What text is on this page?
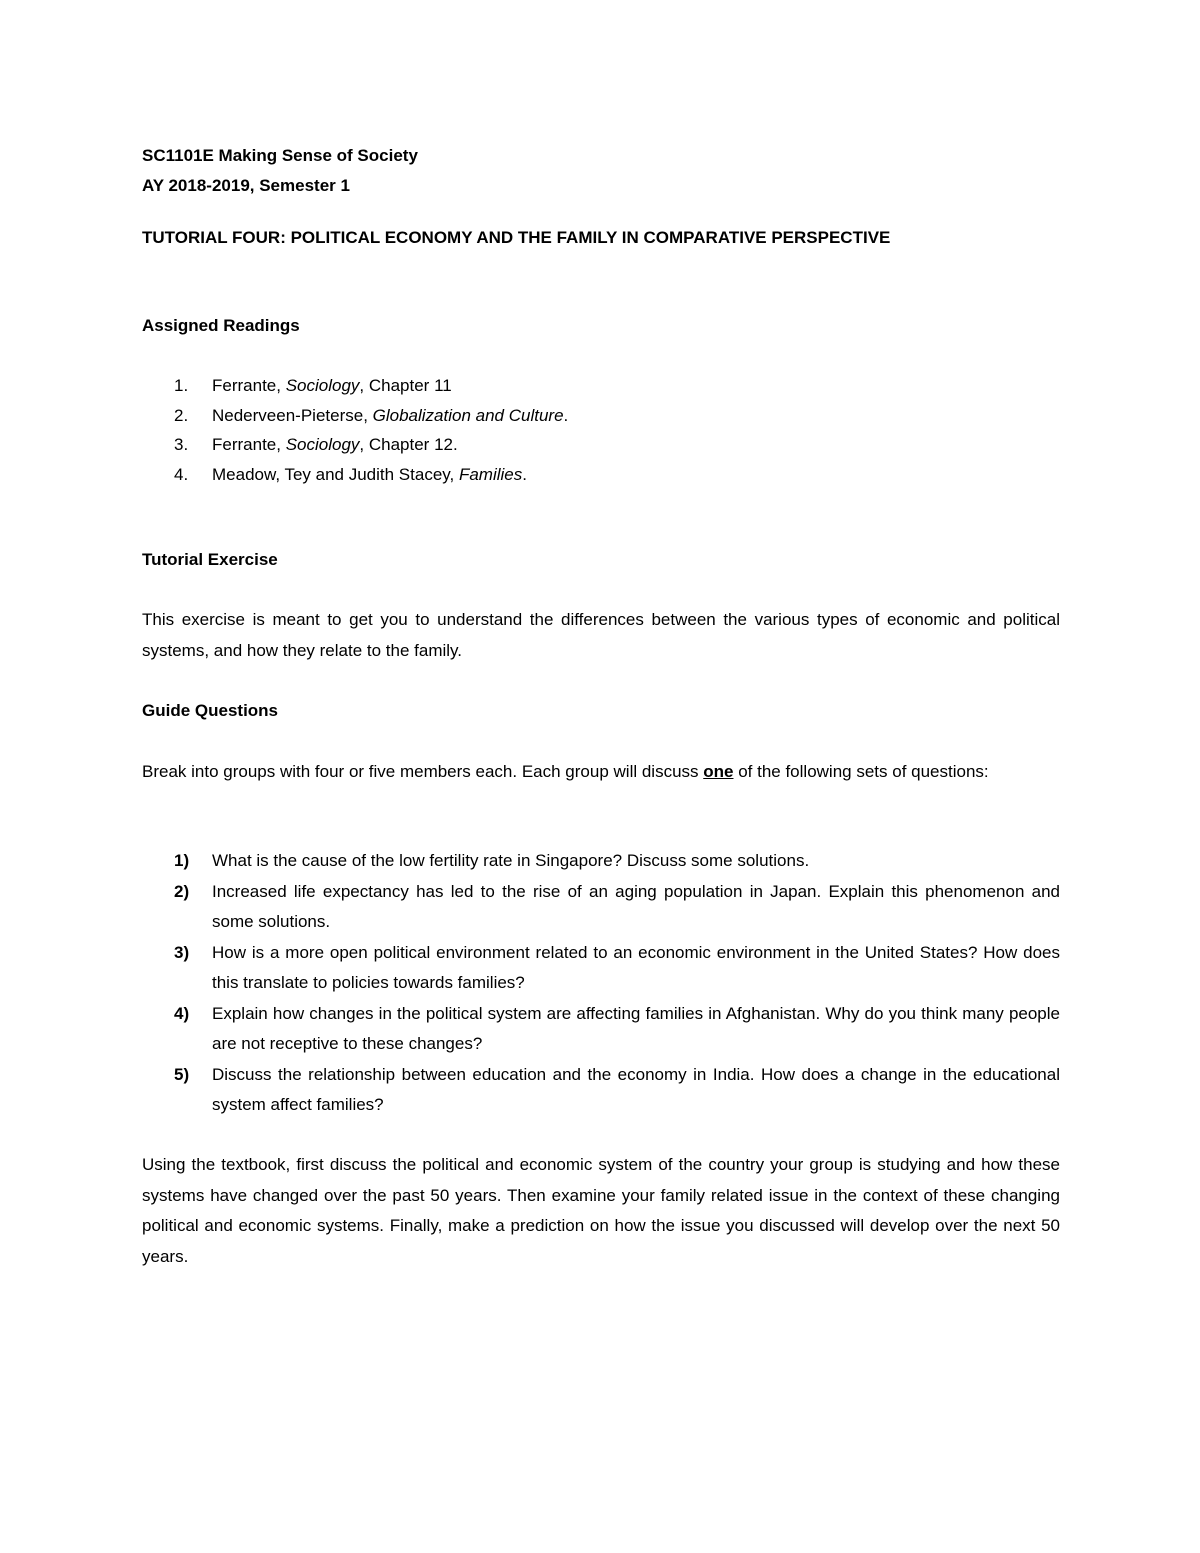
SC1101E Making Sense of Society
AY 2018-2019, Semester 1
TUTORIAL FOUR: POLITICAL ECONOMY AND THE FAMILY IN COMPARATIVE PERSPECTIVE
Assigned Readings
1. Ferrante, Sociology, Chapter 11
2. Nederveen-Pieterse, Globalization and Culture.
3. Ferrante, Sociology, Chapter 12.
4. Meadow, Tey and Judith Stacey, Families.
Tutorial Exercise
This exercise is meant to get you to understand the differences between the various types of economic and political systems, and how they relate to the family.
Guide Questions
Break into groups with four or five members each. Each group will discuss one of the following sets of questions:
1) What is the cause of the low fertility rate in Singapore? Discuss some solutions.
2) Increased life expectancy has led to the rise of an aging population in Japan. Explain this phenomenon and some solutions.
3) How is a more open political environment related to an economic environment in the United States? How does this translate to policies towards families?
4) Explain how changes in the political system are affecting families in Afghanistan. Why do you think many people are not receptive to these changes?
5) Discuss the relationship between education and the economy in India. How does a change in the educational system affect families?
Using the textbook, first discuss the political and economic system of the country your group is studying and how these systems have changed over the past 50 years. Then examine your family related issue in the context of these changing political and economic systems. Finally, make a prediction on how the issue you discussed will develop over the next 50 years.
